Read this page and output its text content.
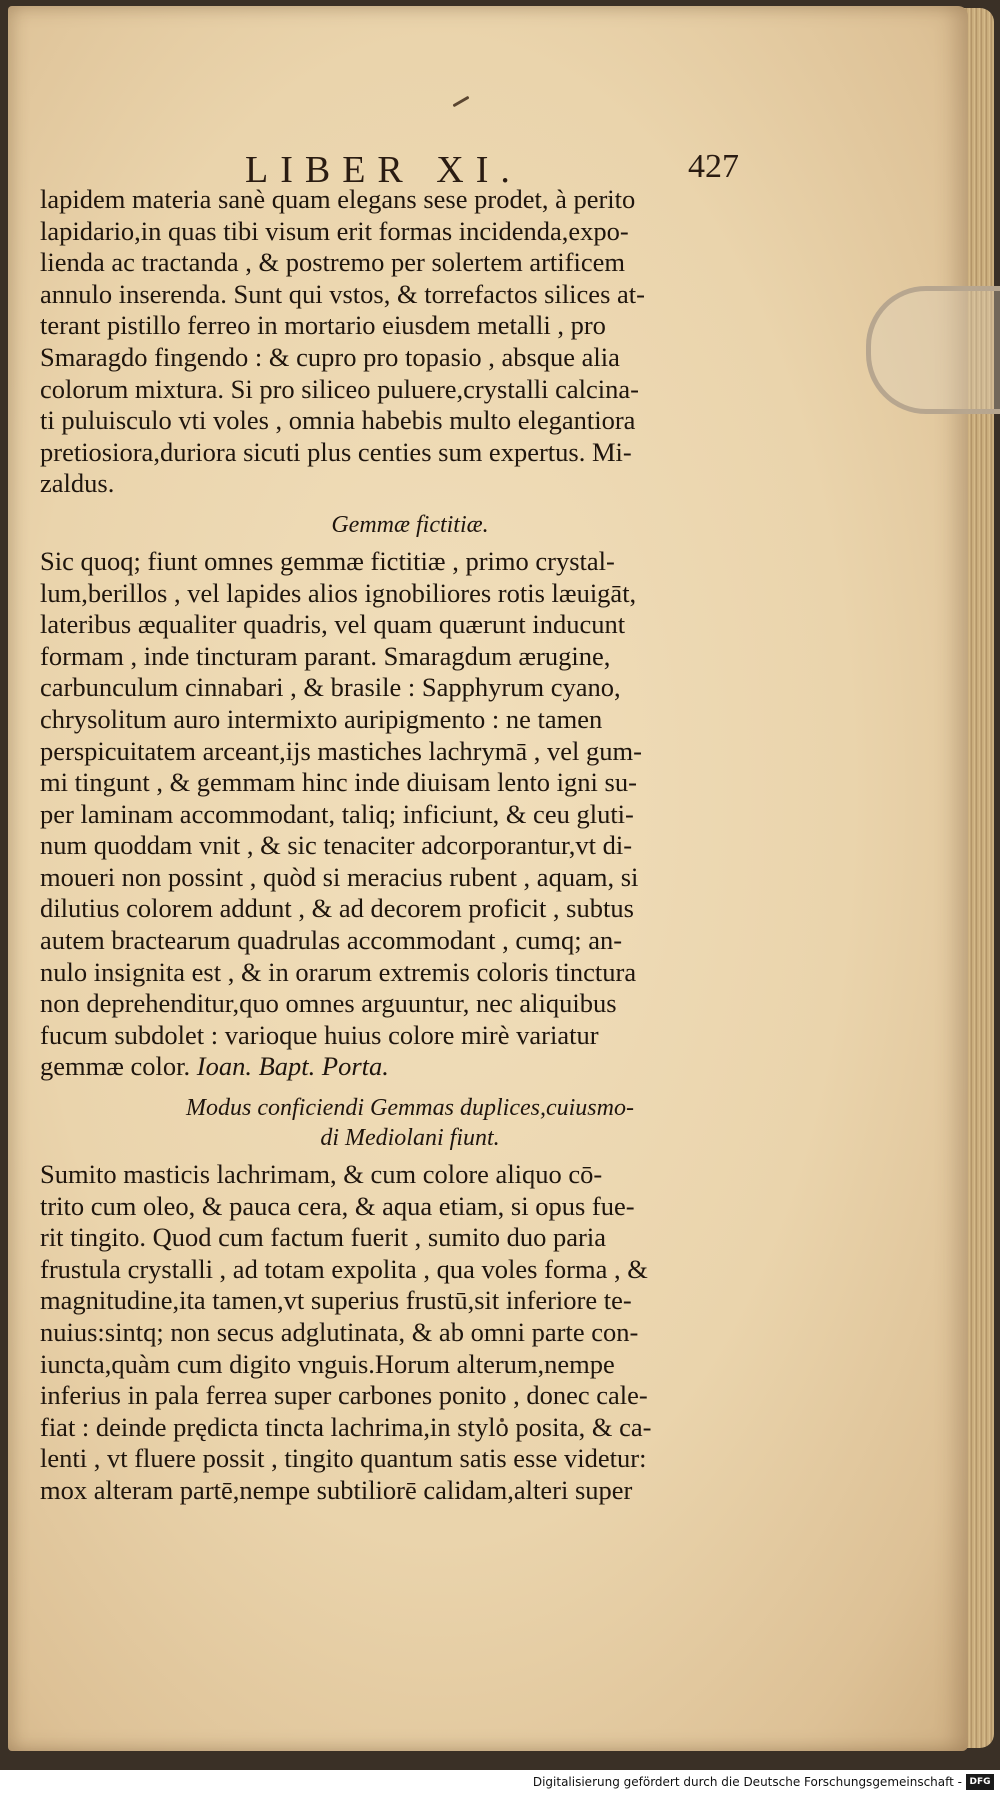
LIBER XI.	427
lapidem materia sanè quam elegans sese prodet, à perito
lapidario,in quas tibi visum erit formas incidenda,expo-
lienda ac tractanda , & postremo per solertem artificem
annulo inserenda. Sunt qui vstos, & torrefactos silices at-
terant pistillo ferreo in mortario eiusdem metalli , pro
Smaragdo fingendo : & cupro pro topasio , absque alia
colorum mixtura. Si pro siliceo puluere,crystalli calcina-
ti puluisculo vti voles , omnia habebis multo elegantiora
pretiosiora,duriora sicuti plus centies sum expertus. Mi-
zaldus.
Gemmæ fictitiæ.
Sic quoq; fiunt omnes gemmæ fictitiæ , primo crystal-
lum,berillos , vel lapides alios ignobiliores rotis læuigāt,
lateribus æqualiter quadris, vel quam quærunt inducunt
formam , inde tincturam parant. Smaragdum ærugine,
carbunculum cinnabari , & brasile : Sapphyrum cyano,
chrysolitum auro intermixto auripigmento : ne tamen
perspicuitatem arceant,ijs mastiches lachrymā , vel gum-
mi tingunt , & gemmam hinc inde diuisam lento igni su-
per laminam accommodant, taliq; inficiunt, & ceu gluti-
num quoddam vnit , & sic tenaciter adcorporantur,vt di-
moueri non possint , quòd si meracius rubent , aquam, si
dilutius colorem addunt , & ad decorem proficit , subtus
autem bractearum quadrulas accommodant , cumq; an-
nulo insignita est , & in orarum extremis coloris tinctura
non deprehenditur,quo omnes arguuntur, nec aliquibus
fucum subdolet : varioque huius colore mirè variatur
gemmæ color. Ioan. Bapt. Porta.
Modus conficiendi Gemmas duplices,cuiusmo-
di Mediolani fiunt.
Sumito masticis lachrimam, & cum colore aliquo cō-
trito cum oleo, & pauca cera, & aqua etiam, si opus fue-
rit tingito. Quod cum factum fuerit , sumito duo paria
frustula crystalli , ad totam expolita , qua voles forma , &
magnitudine,ita tamen,vt superius frustū,sit inferiore te-
nuius:sintq; non secus adglutinata, & ab omni parte con-
iuncta,quàm cum digito vnguis.Horum alterum,nempe
inferius in pala ferrea super carbones ponito , donec cale-
fiat : deinde prędicta tincta lachrima,in stylo posita, & ca-
lenti , vt fluere possit , tingito quantum satis esse videtur:
mox alteram partē,nempe subtiliorē calidam,alteri super
Digitalisierung gefördert durch die Deutsche Forschungsgemeinschaft - DFG
